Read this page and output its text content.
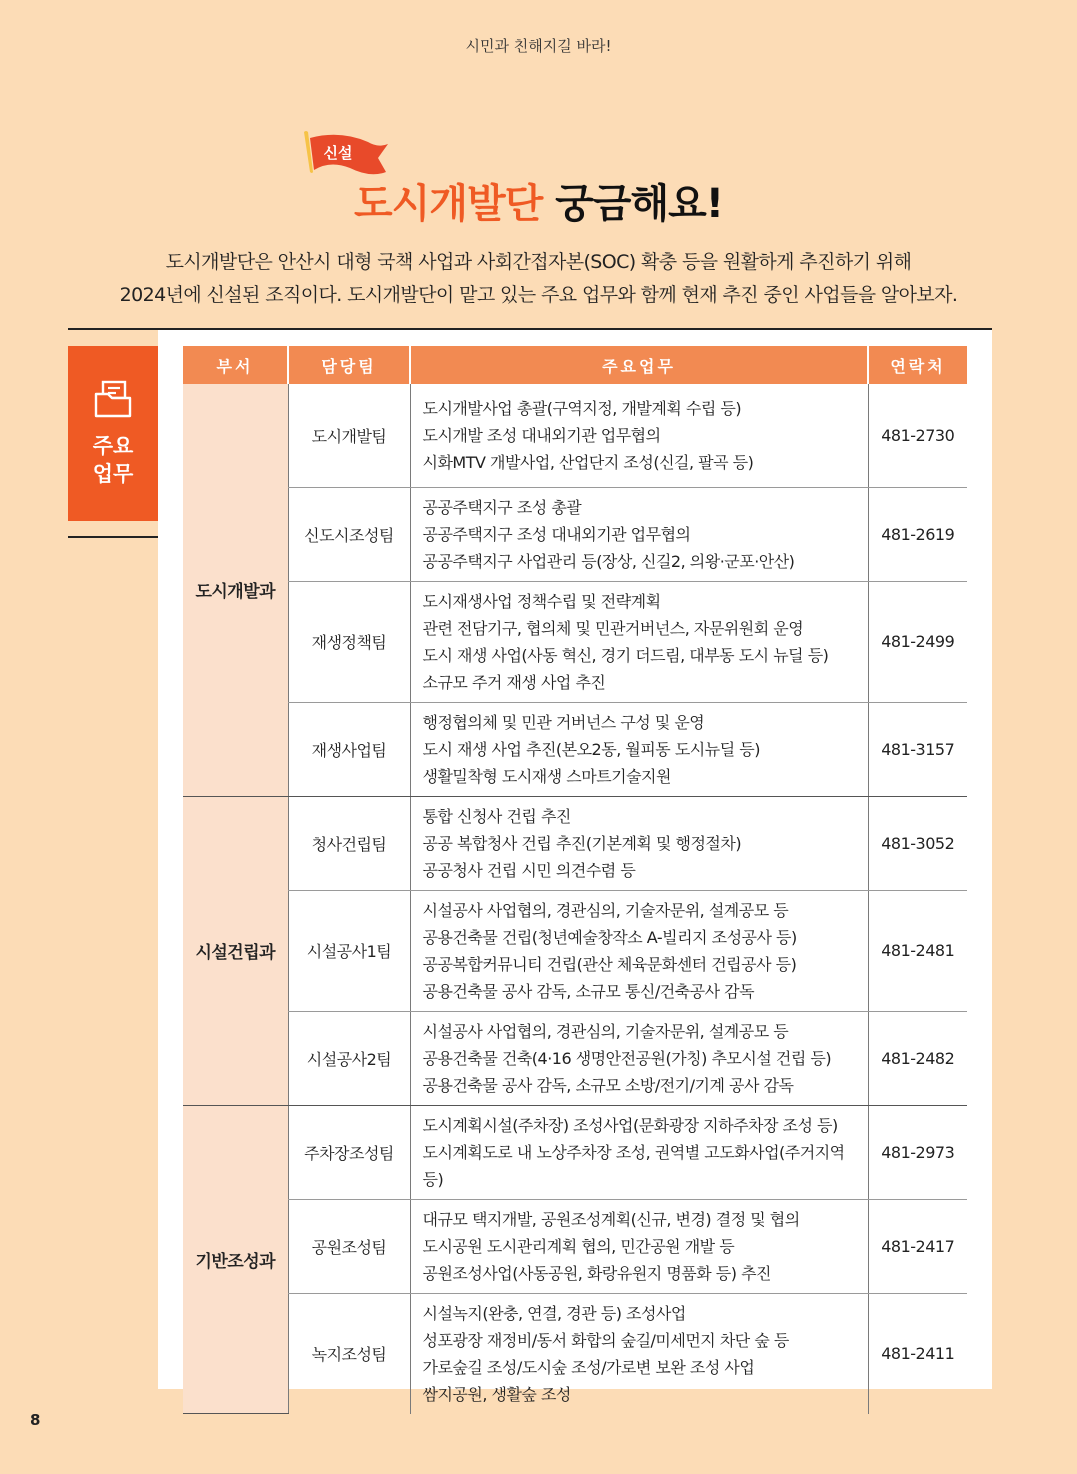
시민과 친해지길 바라!
신설
도시개발단 궁금해요!
도시개발단은 안산시 대형 국책 사업과 사회간접자본(SOC) 확충 등을 원활하게 추진하기 위해
2024년에 신설된 조직이다. 도시개발단이 맡고 있는 주요 업무와 함께 현재 추진 중인 사업들을 알아보자.
주요
업무
부서	담당팀	주요업무	연락처
도시개발과	도시개발팀	도시개발사업 총괄(구역지정, 개발계획 수립 등)
도시개발 조성 대내외기관 업무협의
시화MTV 개발사업, 산업단지 조성(신길, 팔곡 등)	481-2730
	신도시조성팀	공공주택지구 조성 총괄
공공주택지구 조성 대내외기관 업무협의
공공주택지구 사업관리 등(장상, 신길2, 의왕·군포·안산)	481-2619
	재생정책팀	도시재생사업 정책수립 및 전략계획
관련 전담기구, 협의체 및 민관거버넌스, 자문위원회 운영
도시 재생 사업(사동 혁신, 경기 더드림, 대부동 도시 뉴딜 등)
소규모 주거 재생 사업 추진	481-2499
	재생사업팀	행정협의체 및 민관 거버넌스 구성 및 운영
도시 재생 사업 추진(본오2동, 월피동 도시뉴딜 등)
생활밀착형 도시재생 스마트기술지원	481-3157
시설건립과	청사건립팀	통합 신청사 건립 추진
공공 복합청사 건립 추진(기본계획 및 행정절차)
공공청사 건립 시민 의견수렴 등	481-3052
	시설공사1팀	시설공사 사업협의, 경관심의, 기술자문위, 설계공모 등
공용건축물 건립(청년예술창작소 A-빌리지 조성공사 등)
공공복합커뮤니티 건립(관산 체육문화센터 건립공사 등)
공용건축물 공사 감독, 소규모 통신/건축공사 감독	481-2481
	시설공사2팀	시설공사 사업협의, 경관심의, 기술자문위, 설계공모 등
공용건축물 건축(4·16 생명안전공원(가칭) 추모시설 건립 등)
공용건축물 공사 감독, 소규모 소방/전기/기계 공사 감독	481-2482
기반조성과	주차장조성팀	도시계획시설(주차장) 조성사업(문화광장 지하주차장 조성 등)
도시계획도로 내 노상주차장 조성, 권역별 고도화사업(주거지역 등)	481-2973
	공원조성팀	대규모 택지개발, 공원조성계획(신규, 변경) 결정 및 협의
도시공원 도시관리계획 협의, 민간공원 개발 등
공원조성사업(사동공원, 화랑유원지 명품화 등) 추진	481-2417
	녹지조성팀	시설녹지(완충, 연결, 경관 등) 조성사업
성포광장 재정비/동서 화합의 숲길/미세먼지 차단 숲 등
가로숲길 조성/도시숲 조성/가로변 보완 조성 사업
쌈지공원, 생활숲 조성	481-2411
8
